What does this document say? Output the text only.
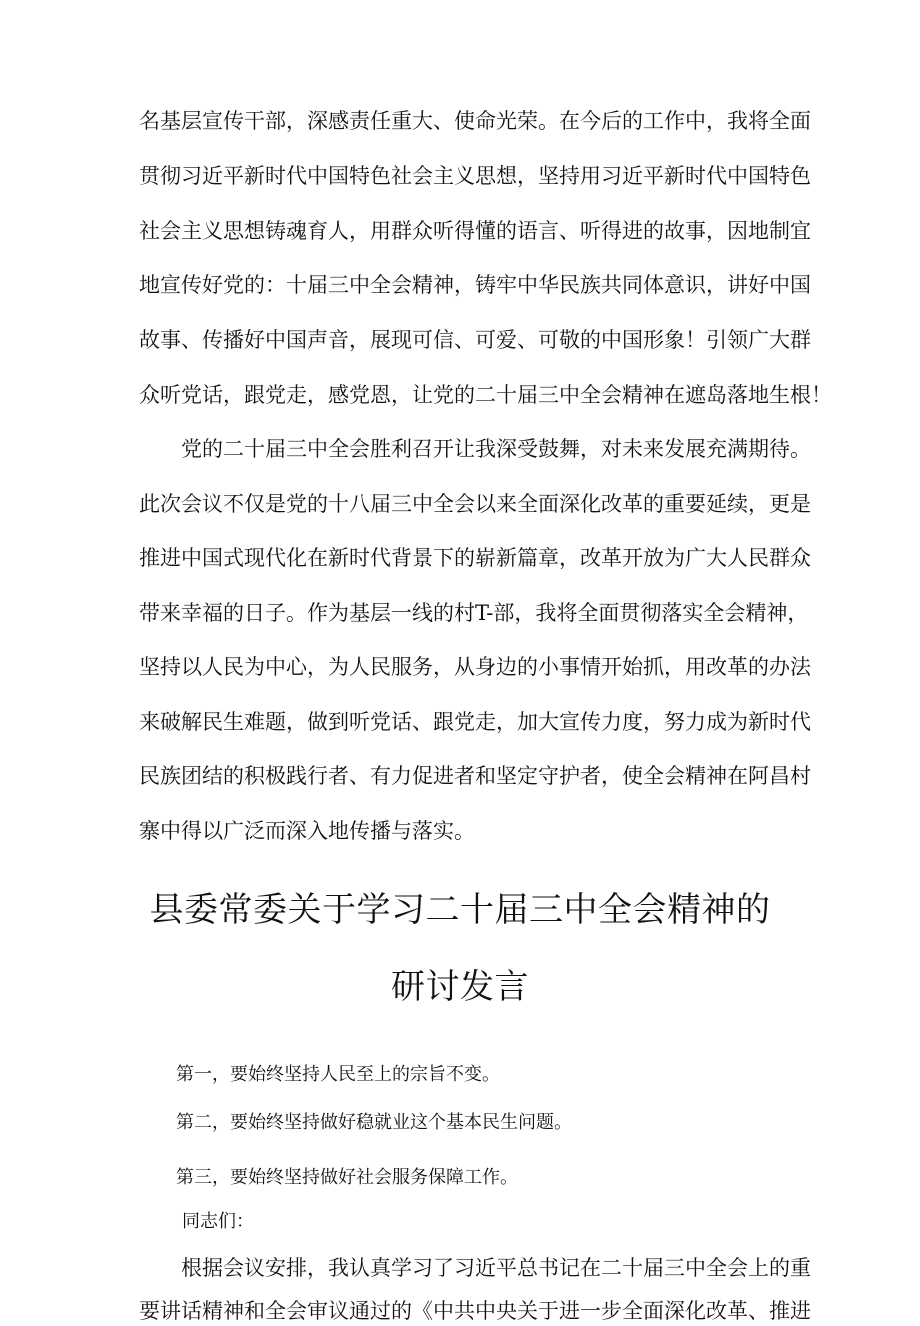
名基层宣传干部，深感责任重大、使命光荣。在今后的工作中，我将全面

贯彻习近平新时代中国特色社会主义思想，坚持用习近平新时代中国特色

社会主义思想铸魂育人，用群众听得懂的语言、听得进的故事，因地制宜

地宣传好党的：十届三中全会精神，铸牢中华民族共同体意识，讲好中国

故事、传播好中国声音，展现可信、可爱、可敬的中国形象！引领广大群

众听党话，跟党走，感党恩，让党的二十届三中全会精神在遮岛落地生根！

党的二十届三中全会胜利召开让我深受鼓舞，对未来发展充满期待。

此次会议不仅是党的十八届三中全会以来全面深化改革的重要延续，更是

推进中国式现代化在新时代背景下的崭新篇章，改革开放为广大人民群众

带来幸福的日子。作为基层一线的村T-部，我将全面贯彻落实全会精神，

坚持以人民为中心，为人民服务，从身边的小事情开始抓，用改革的办法

来破解民生难题，做到听党话、跟党走，加大宣传力度，努力成为新时代

民族团结的积极践行者、有力促进者和坚定守护者，使全会精神在阿昌村

寨中得以广泛而深入地传播与落实。

县委常委关于学习二十届三中全会精神的
研讨发言

第一，要始终坚持人民至上的宗旨不变。

第二，要始终坚持做好稳就业这个基本民生问题。

第三，要始终坚持做好社会服务保障工作。

同志们：

根据会议安排，我认真学习了习近平总书记在二十届三中全会上的重

要讲话精神和全会审议通过的《中共中央关于进一步全面深化改革、推进
